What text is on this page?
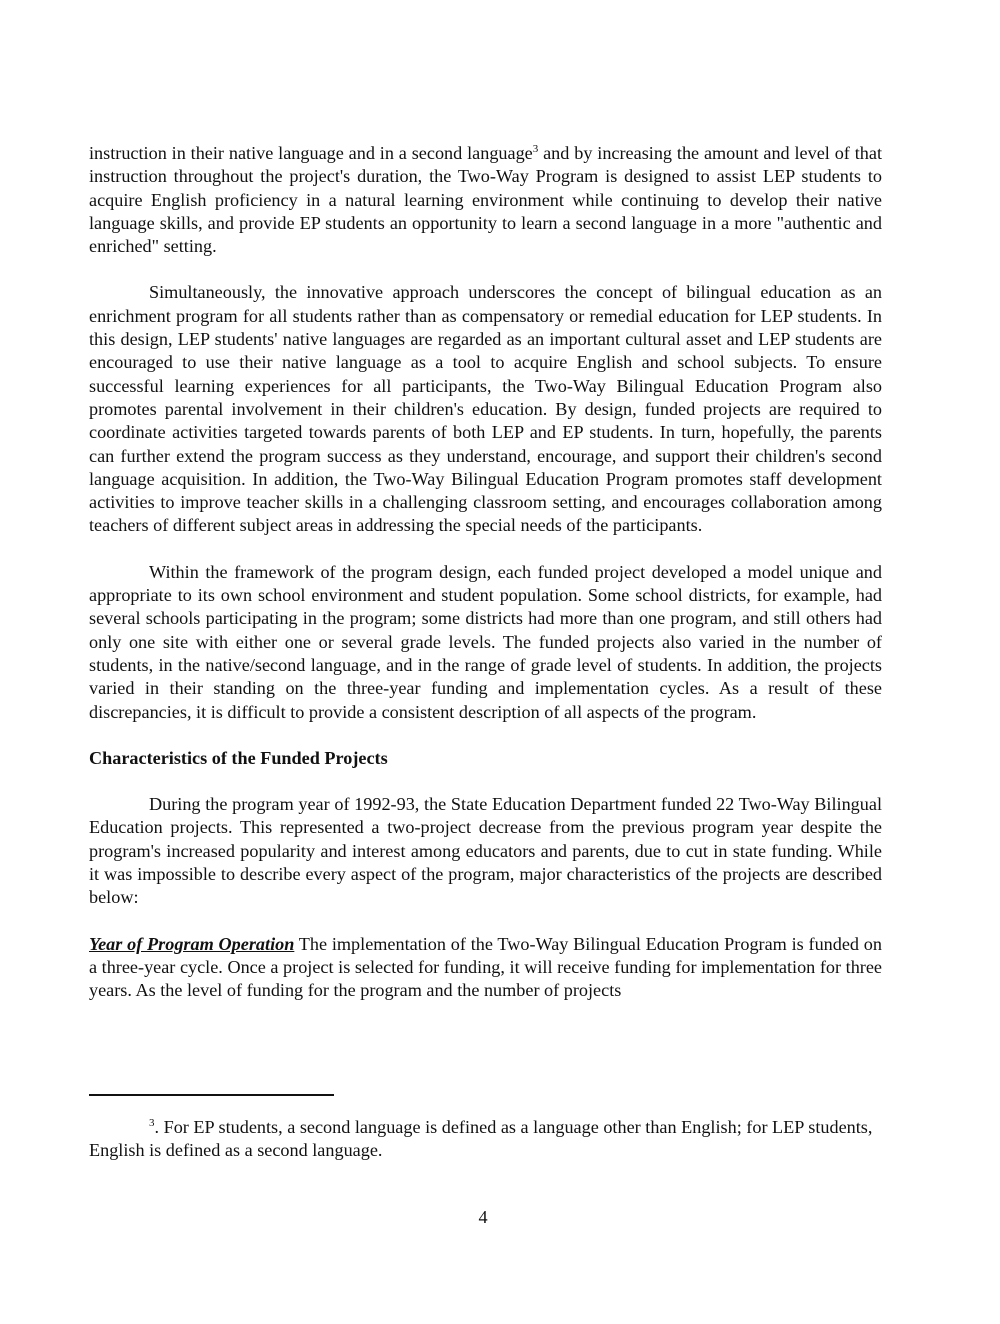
instruction in their native language and in a second language$^3$ and by increasing the amount and level of that instruction throughout the project's duration, the Two-Way Program is designed to assist LEP students to acquire English proficiency in a natural learning environment while continuing to develop their native language skills, and provide EP students an opportunity to learn a second language in a more "authentic and enriched" setting.

Simultaneously, the innovative approach underscores the concept of bilingual education as an enrichment program for all students rather than as compensatory or remedial education for LEP students. In this design, LEP students' native languages are regarded as an important cultural asset and LEP students are encouraged to use their native language as a tool to acquire English and school subjects. To ensure successful learning experiences for all participants, the Two-Way Bilingual Education Program also promotes parental involvement in their children's education. By design, funded projects are required to coordinate activities targeted towards parents of both LEP and EP students. In turn, hopefully, the parents can further extend the program success as they understand, encourage, and support their children's second language acquisition. In addition, the Two-Way Bilingual Education Program promotes staff development activities to improve teacher skills in a challenging classroom setting, and encourages collaboration among teachers of different subject areas in addressing the special needs of the participants.

Within the framework of the program design, each funded project developed a model unique and appropriate to its own school environment and student population. Some school districts, for example, had several schools participating in the program; some districts had more than one program, and still others had only one site with either one or several grade levels. The funded projects also varied in the number of students, in the native/second language, and in the range of grade level of students. In addition, the projects varied in their standing on the three-year funding and implementation cycles. As a result of these discrepancies, it is difficult to provide a consistent description of all aspects of the program.

Characteristics of the Funded Projects

During the program year of 1992-93, the State Education Department funded 22 Two-Way Bilingual Education projects. This represented a two-project decrease from the previous program year despite the program's increased popularity and interest among educators and parents, due to cut in state funding. While it was impossible to describe every aspect of the program, major characteristics of the projects are described below:

Year of Program Operation The implementation of the Two-Way Bilingual Education Program is funded on a three-year cycle. Once a project is selected for funding, it will receive funding for implementation for three years. As the level of funding for the program and the number of projects

$^3$. For EP students, a second language is defined as a language other than English; for LEP students, English is defined as a second language.

4
